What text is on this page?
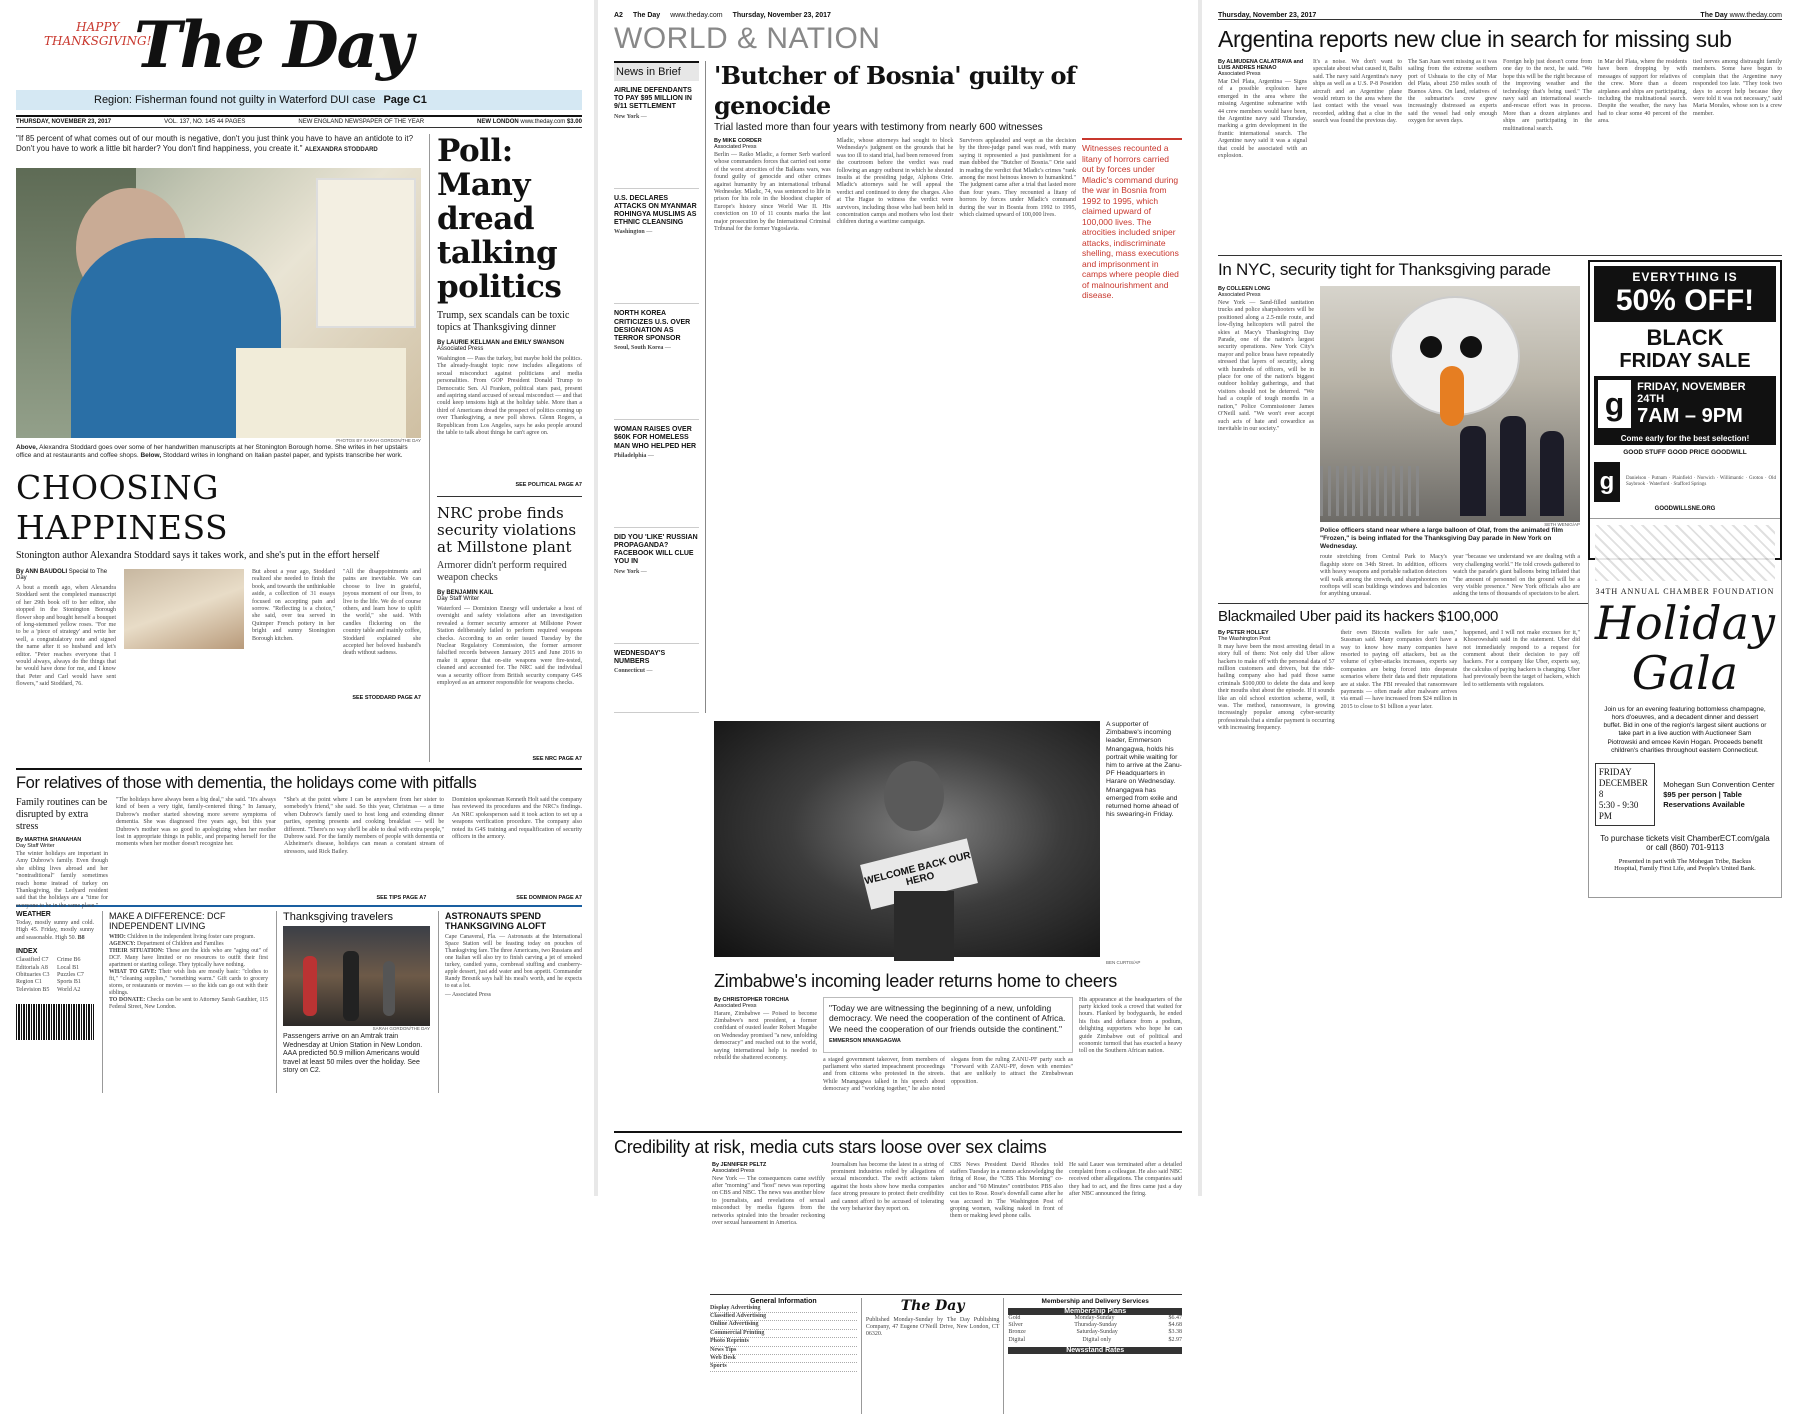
HAPPY
THANKSGIVING!
The Day
Region: Fisherman found not guilty in Waterford DUI case Page C1
THURSDAY, NOVEMBER 23, 2017	VOL. 137, NO. 145 44 PAGES	NEW ENGLAND NEWSPAPER OF THE YEAR	NEW LONDON www.theday.com $3.00
"If 85 percent of what comes out of our mouth is negative, don't you just think you have to have an antidote to it? Don't you have to work a little bit harder? You don't find happiness, you create it." ALEXANDRA STODDARD
PHOTOS BY SARAH GORDON/THE DAY
Above, Alexandra Stoddard goes over some of her handwritten manuscripts at her Stonington Borough home. She writes in her upstairs office and at restaurants and coffee shops. Below, Stoddard writes in longhand on Italian pastel paper, and typists transcribe her work.
CHOOSING HAPPINESS
Stonington author Alexandra Stoddard says it takes work, and she's put in the effort herself
By ANN BAUDOLI Special to The Day
A bout a month ago, when Alexandra Stoddard sent the completed manuscript of her 29th book off to her editor, she stopped in the Stonington Borough flower shop and bought herself a bouquet of long-stemmed yellow roses. "For me to be a 'piece of strategy' and write her well, a congratulatory note and signed the name after it so husband and let's editor. "Peter reaches everyone that I would always, always do the things that he would have done for me, and I know that Peter and Carl would have sent flowers," said Stoddard, 76.
But about a year ago, Stoddard realized she needed to finish the book, and towards the unthinkable aside, a collection of 31 essays focused on accepting pain and sorrow. "Reflecting is a choice," she said, over tea served in Quimper French pottery in her bright and sunny Stonington Borough kitchen.
"All the disappointments and pains are inevitable. We can choose to live in grateful, joyous moment of our lives, to live to the life. We do of course others, and learn how to uplift the world," she said. With candles flickering on the country table and mainly coffee, Stoddard explained she accepted her beloved husband's death without sadness.
SEE STODDARD PAGE A7
Poll: Many dread talking politics
Trump, sex scandals can be toxic topics at Thanksgiving dinner
By LAURIE KELLMAN and EMILY SWANSON
Associated Press
Washington — Pass the turkey, but maybe hold the politics. The already-fraught topic now includes allegations of sexual misconduct against politicians and media personalities. From GOP President Donald Trump to Democratic Sen. Al Franken, political stars past, present and aspiring stand accused of sexual misconduct — and that could keep tensions high at the holiday table. More than a third of Americans dread the prospect of politics coming up over Thanksgiving, a new poll shows. Glenn Rogers, a Republican from Los Angeles, says he asks people around the table to talk about things he can't agree on.
SEE POLITICAL PAGE A7
NRC probe finds security violations at Millstone plant
Armorer didn't perform required weapon checks
By BENJAMIN KAIL
Day Staff Writer
Waterford — Dominion Energy will undertake a host of oversight and safety violations after an investigation revealed a former security armorer at Millstone Power Station deliberately failed to perform required weapons checks. According to an order issued Tuesday by the Nuclear Regulatory Commission, the former armorer falsified records between January 2015 and June 2016 to make it appear that on-site weapons were fire-tested, cleaned and accounted for. The NRC said the individual was a security officer from British security company G4S employed as an armorer responsible for weapons checks.
SEE NRC PAGE A7
For relatives of those with dementia, the holidays come with pitfalls
Family routines can be disrupted by extra stress
By MARTHA SHANAHAN
Day Staff Writer
The winter holidays are important in Amy Dubrow's family. Even though she sibling lives abroad and her "nontraditional" family sometimes reach home instead of turkey on Thanksgiving, the Ledyard resident said that the holidays are a "time for everyone to be in the same place."
"The holidays have always been a big deal," she said. "It's always kind of been a very tight, family-centered thing." In January, Dubrow's mother started showing more severe symptoms of dementia. She was diagnosed five years ago, but this year Dubrow's mother was so good to apologizing when her mother lost in appropriate things in public, and preparing herself for the moments when her mother doesn't recognize her.
"She's at the point where I can be anywhere from her sister to somebody's friend," she said. So this year, Christmas — a time when Dubrow's family used to host long and extending dinner parties, opening presents and cooking breakfast — will be different. "There's no way she'll be able to deal with extra people," Dubrow said. For the family members of people with dementia or Alzheimer's disease, holidays can mean a constant stream of stressors, said Rick Bailey.
Dominion spokesman Kenneth Holt said the company has reviewed its procedures and the NRC's findings. An NRC spokesperson said it took action to set up a weapons verification procedure. The company also noted its G4S training and requalification of security officers in the armory.
SEE TIPS PAGE A7	SEE DOMINION PAGE A7
WEATHER
Today, mostly sunny and cold. High 45. Friday, mostly sunny and seasonable. High 50. B8
INDEX
Classified C7	Crime B6
Editorials A8	Local B1
Obituaries C3	Puzzles C7
Region C1	Sports B1
Television B5	World A2
MAKE A DIFFERENCE: DCF INDEPENDENT LIVING
WHO: Children in the independent living foster care program.
AGENCY: Department of Children and Families
THEIR SITUATION: These are the kids who are "aging out" of DCF. Many have limited or no resources to outfit their first apartment or starting college. They typically have nothing.
WHAT TO GIVE: Their wish lists are mostly basic: "clothes to fit," "cleaning supplies," "something warm." Gift cards to grocery stores, or restaurants or movies — so the kids can go out with their siblings.
TO DONATE: Checks can be sent to Attorney Sarah Gauthier, 115 Federal Street, New London.
Thanksgiving travelers
SARAH GORDON/THE DAY
Passengers arrive on an Amtrak train Wednesday at Union Station in New London. AAA predicted 50.9 million Americans would travel at least 50 miles over the holiday. See story on C2.
ASTRONAUTS SPEND THANKSGIVING ALOFT
Cape Canaveral, Fla. — Astronauts at the International Space Station will be feasting today on pouches of Thanksgiving fare. The three Americans, two Russians and one Italian will also try to finish carving a jet of smoked turkey, candied yams, cornbread stuffing and cranberry-apple dessert, just add water and bon appetit. Commander Randy Bresnik says half his meal's worth, and he expects to eat a lot.
— Associated Press
A2 The Day www.theday.com Thursday, November 23, 2017
WORLD & NATION
News in Brief
AIRLINE DEFENDANTS TO PAY $95 MILLION IN 9/11 SETTLEMENT
New York —
U.S. DECLARES ATTACKS ON MYANMAR ROHINGYA MUSLIMS AS ETHNIC CLEANSING
Washington —
NORTH KOREA CRITICIZES U.S. OVER DESIGNATION AS TERROR SPONSOR
Seoul, South Korea —
WOMAN RAISES OVER $60K FOR HOMELESS MAN WHO HELPED HER
Philadelphia —
DID YOU 'LIKE' RUSSIAN PROPAGANDA? FACEBOOK WILL CLUE YOU IN
New York —
WEDNESDAY'S NUMBERS
Connecticut —
'Butcher of Bosnia' guilty of genocide
Trial lasted more than four years with testimony from nearly 600 witnesses
By MIKE CORDER
Associated Press
Berlin — Ratko Mladic, a former Serb warlord whose commanders forces that carried out some of the worst atrocities of the Balkans wars, was found guilty of genocide and other crimes against humanity by an international tribunal Wednesday. Mladic, 74, was sentenced to life in prison for his role in the bloodiest chapter of Europe's history since World War II. His conviction on 10 of 11 counts marks the last major prosecution by the International Criminal Tribunal for the former Yugoslavia.
Mladic, whose attorneys had sought to block Wednesday's judgment on the grounds that he was too ill to stand trial, had been removed from the courtroom before the verdict was read following an angry outburst in which he shouted insults at the presiding judge, Alphons Orie. Mladic's attorneys said he will appeal the verdict and continued to deny the charges. Also at The Hague to witness the verdict were survivors, including those who had been held in concentration camps and mothers who lost their children during a wartime campaign.
Survivors applauded and wept as the decision by the three-judge panel was read, with many saying it represented a just punishment for a man dubbed the "Butcher of Bosnia." Orie said in reading the verdict that Mladic's crimes "rank among the most heinous known to humankind." The judgment came after a trial that lasted more than four years. They recounted a litany of horrors by forces under Mladic's command during the war in Bosnia from 1992 to 1995, which claimed upward of 100,000 lives.
Witnesses recounted a litany of horrors carried out by forces under Mladic's command during the war in Bosnia from 1992 to 1995, which claimed upward of 100,000 lives. The atrocities included sniper attacks, indiscriminate shelling, mass executions and imprisonment in camps where people died of malnourishment and disease.
WELCOME BACK OUR HERO
A supporter of Zimbabwe's incoming leader, Emmerson Mnangagwa, holds his portrait while waiting for him to arrive at the Zanu-PF Headquarters in Harare on Wednesday. Mnangagwa has emerged from exile and returned home ahead of his swearing-in Friday.
BEN CURTIS/AP
Zimbabwe's incoming leader returns home to cheers
By CHRISTOPHER TORCHIA
Associated Press
Harare, Zimbabwe — Poised to become Zimbabwe's next president, a former confidant of ousted leader Robert Mugabe on Wednesday promised "a new, unfolding democracy" and reached out to the world, saying international help is needed to rebuild the shattered economy.
"Today we are witnessing the beginning of a new, unfolding democracy. We need the cooperation of the continent of Africa. We need the cooperation of our friends outside the continent." EMMERSON MNANGAGWA
a staged government takeover, from members of parliament who started impeachment proceedings and from citizens who protested in the streets. While Mnangagwa talked in his speech about democracy and "working together," he also noted slogans from the ruling ZANU-PF party such as "Forward with ZANU-PF, down with enemies" that are unlikely to attract the Zimbabwean opposition.
His appearance at the headquarters of the party kicked took a crowd that waited for hours. Flanked by bodyguards, he ended his fists and defiance from a podium, delighting supporters who hope he can guide Zimbabwe out of political and economic turmoil that has exacted a heavy toll on the Southern African nation.
Credibility at risk, media cuts stars loose over sex claims
By JENNIFER PELTZ
Associated Press
New York — The consequences came swiftly after "morning" and "host" news was reporting on CBS and NBC. The news was another blow to journalists, and revelations of sexual misconduct by media figures from the networks spiraled into the broader reckoning over sexual harassment in America.
Journalism has become the latest in a string of prominent industries roiled by allegations of sexual misconduct. The swift actions taken against the hosts show how media companies face strong pressure to protect their credibility and cannot afford to be accused of tolerating the very behavior they report on.
CBS News President David Rhodes told staffers Tuesday in a memo acknowledging the firing of Rose, the "CBS This Morning" co-anchor and "60 Minutes" contributor. PBS also cut ties to Rose. Rose's downfall came after he was accused in The Washington Post of groping women, walking naked in front of them or making lewd phone calls.
He said Lauer was terminated after a detailed complaint from a colleague. He also said NBC received other allegations. The companies said they had to act, and the fires came just a day after NBC announced the firing.
General Information
Display Advertising
Classified Advertising
Online Advertising
Commercial Printing
Photo Reprints
News Tips
Web Desk
Sports
The Day
Published Monday-Sunday by The Day Publishing Company, 47 Eugene O'Neill Drive, New London, CT 06320.
Membership and Delivery Services
Membership Plans
Gold	Monday-Sunday	$6.47
Silver	Thursday-Sunday	$4.68
Bronze	Saturday-Sunday	$3.38
Digital	Digital only	$2.97
Newsstand Rates
Thursday, November 23, 2017	The Day www.theday.com
Argentina reports new clue in search for missing sub
By ALMUDENA CALATRAVA and LUIS ANDRES HENAO
Associated Press
Mar Del Plata, Argentina — Signs of a possible explosion have emerged in the area where the missing Argentine submarine with 44 crew members would have been, the Argentine navy said Thursday, marking a grim development in the frantic international search. The Argentine navy said it was a signal that could be associated with an explosion.
It's a noise. We don't want to speculate about what caused it, Balbi said. The navy said Argentina's navy ships as well as a U.S. P-8 Poseidon aircraft and an Argentine plane would return to the area where the last contact with the vessel was recorded, adding that a clue in the search was found the previous day.
The San Juan went missing as it was sailing from the extreme southern port of Ushuaia to the city of Mar del Plata, about 250 miles south of Buenos Aires. On land, relatives of the submarine's crew grew increasingly distressed as experts said the vessel had only enough oxygen for seven days.
Foreign help just doesn't come from one day to the next, he said. "We hope this will be the right because of the improving weather and the technology that's being used." The navy said an international search-and-rescue effort was in process. More than a dozen airplanes and ships are participating in the multinational search.
in Mar del Plata, where the residents have been dropping by with messages of support for relatives of the crew. More than a dozen airplanes and ships are participating, including the multinational search. Despite the weather, the navy has had to clear some 40 percent of the area.
tied nerves among distraught family members. Some have begun to complain that the Argentine navy responded too late. "They took two days to accept help because they were told it was not necessary," said Maria Morales, whose son is a crew member.
In NYC, security tight for Thanksgiving parade
By COLLEEN LONG
Associated Press
New York — Sand-filled sanitation trucks and police sharpshooters will be positioned along a 2.5-mile route, and low-flying helicopters will patrol the skies at Macy's Thanksgiving Day Parade, one of the nation's largest security operations. New York City's mayor and police brass have repeatedly stressed that layers of security, along with hundreds of officers, will be in place for one of the nation's biggest outdoor holiday gatherings, and that visitors should not be deterred. "We had a couple of tough months in a nation," Police Commissioner James O'Neill said. "We won't ever accept such acts of hate and cowardice as inevitable in our society."
SETH WENIG/AP
Police officers stand near where a large balloon of Olaf, from the animated film "Frozen," is being inflated for the Thanksgiving Day parade in New York on Wednesday.
route stretching from Central Park to Macy's flagship store on 34th Street. In addition, officers with heavy weapons and portable radiation detectors will walk among the crowds, and sharpshooters on rooftops will scan buildings windows and balconies for anything unusual.
year "because we understand we are dealing with a very challenging world." He told crowds gathered to watch the parade's giant balloons being inflated that "the amount of personnel on the ground will be a very visible presence." New York officials also are asking the tens of thousands of spectators to be alert.
EVERYTHING IS
50% OFF!
BLACK
FRIDAY SALE
g	FRIDAY, NOVEMBER 24TH
7AM – 9PM
Come early for the best selection!
GOOD STUFF GOOD PRICE GOODWILL
g	Danielson · Putnam · Plainfield · Norwich · Willimantic · Groton · Old Saybrook · Waterford · Stafford Springs
GOODWILLSNE.ORG
Blackmailed Uber paid its hackers $100,000
By PETER HOLLEY
The Washington Post
It may have been the most arresting detail in a story full of them: Not only did Uber allow hackers to make off with the personal data of 57 million customers and drivers, but the ride-hailing company also had paid those same criminals $100,000 to delete the data and keep their mouths shut about the episode. If it sounds like an old school extortion scheme, well, it was. The method, ransomware, is growing increasingly popular among cyber-security professionals that a similar payment is occurring with increasing frequency.
their own Bitcoin wallets for safe uses," Sussman said. Many companies don't have a way to know how many companies have resorted to paying off attackers, but as the volume of cyber-attacks increases, experts say companies are being forced into desperate scenarios where their data and their reputations are at stake. The FBI revealed that ransomware payments — often made after malware arrives via email — have increased from $24 million in 2015 to close to $1 billion a year later.
happened, and I will not make excuses for it," Khosrowshahi said in the statement. Uber did not immediately respond to a request for comment about their decision to pay off hackers. For a company like Uber, experts say, the calculus of paying hackers is changing. Uber had previously been the target of hackers, which led to settlements with regulators.
34TH ANNUAL CHAMBER FOUNDATION
Holiday
Gala
Join us for an evening featuring bottomless champagne, hors d'oeuvres, and a decadent dinner and dessert buffet. Bid in one of the region's largest silent auctions or take part in a live auction with Auctioneer Sam Piotrowski and emcee Kevin Hogan. Proceeds benefit children's charities throughout eastern Connecticut.
FRIDAY
DECEMBER 8
5:30 - 9:30 PM
Mohegan Sun Convention Center
$95 per person | Table Reservations Available
To purchase tickets visit ChamberECT.com/gala
or call (860) 701-9113
Presented in part with The Mohegan Tribe, Backus Hospital, Family First Life, and People's United Bank.
